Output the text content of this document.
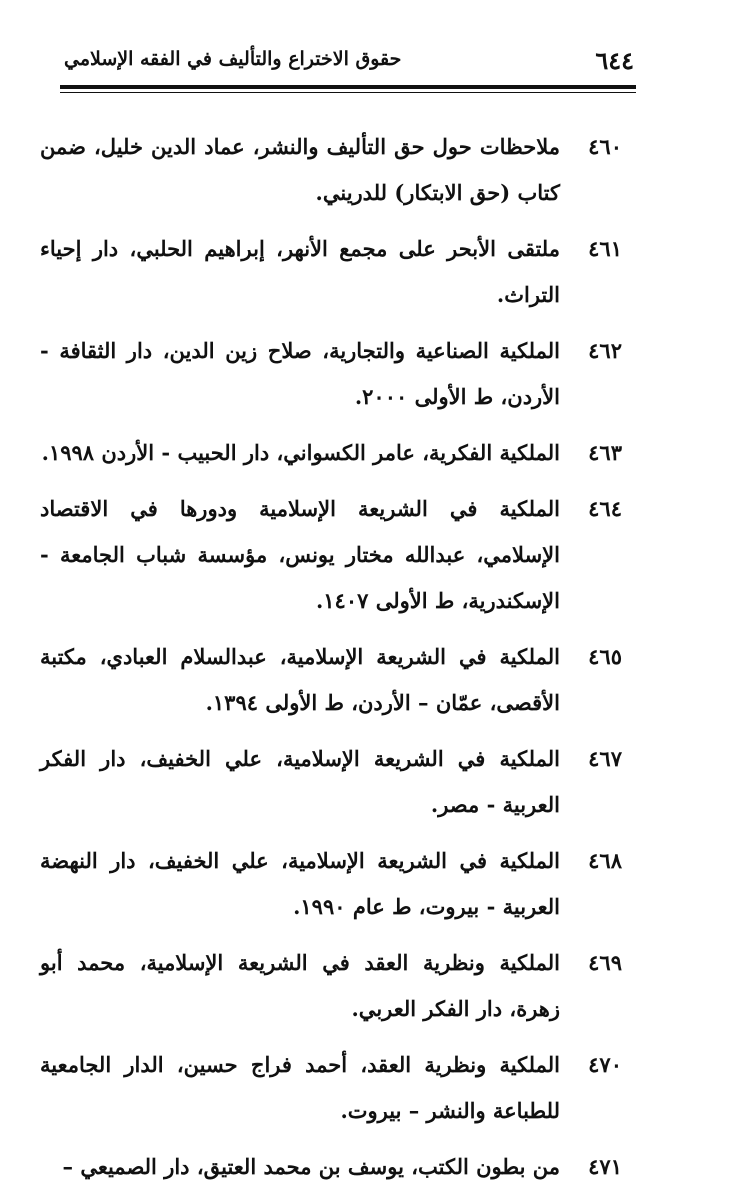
٦٤٤
حقوق الاختراع والتأليف في الفقه الإسلامي
٤٦٠
ملاحظات حول حق التأليف والنشر، عماد الدين خليل، ضمن كتاب (حق الابتكار) للدريني.
٤٦١
ملتقى الأبحر على مجمع الأنهر، إبراهيم الحلبي، دار إحياء التراث.
٤٦٢
الملكية الصناعية والتجارية، صلاح زين الدين، دار الثقافة - الأردن، ط الأولى ٢٠٠٠.
٤٦٣
الملكية الفكرية، عامر الكسواني، دار الحبيب - الأردن ١٩٩٨.
٤٦٤
الملكية في الشريعة الإسلامية ودورها في الاقتصاد الإسلامي، عبدالله مختار يونس، مؤسسة شباب الجامعة - الإسكندرية، ط الأولى ١٤٠٧.
٤٦٥
الملكية في الشريعة الإسلامية، عبدالسلام العبادي، مكتبة الأقصى، عمّان – الأردن، ط الأولى ١٣٩٤.
٤٦٧
الملكية في الشريعة الإسلامية، علي الخفيف، دار الفكر العربية - مصر.
٤٦٨
الملكية في الشريعة الإسلامية، علي الخفيف، دار النهضة العربية - بيروت، ط عام ١٩٩٠.
٤٦٩
الملكية ونظرية العقد في الشريعة الإسلامية، محمد أبو زهرة، دار الفكر العربي.
٤٧٠
الملكية ونظرية العقد، أحمد فراج حسين، الدار الجامعية للطباعة والنشر – بيروت.
٤٧١
من بطون الكتب، يوسف بن محمد العتيق، دار الصميعي –
